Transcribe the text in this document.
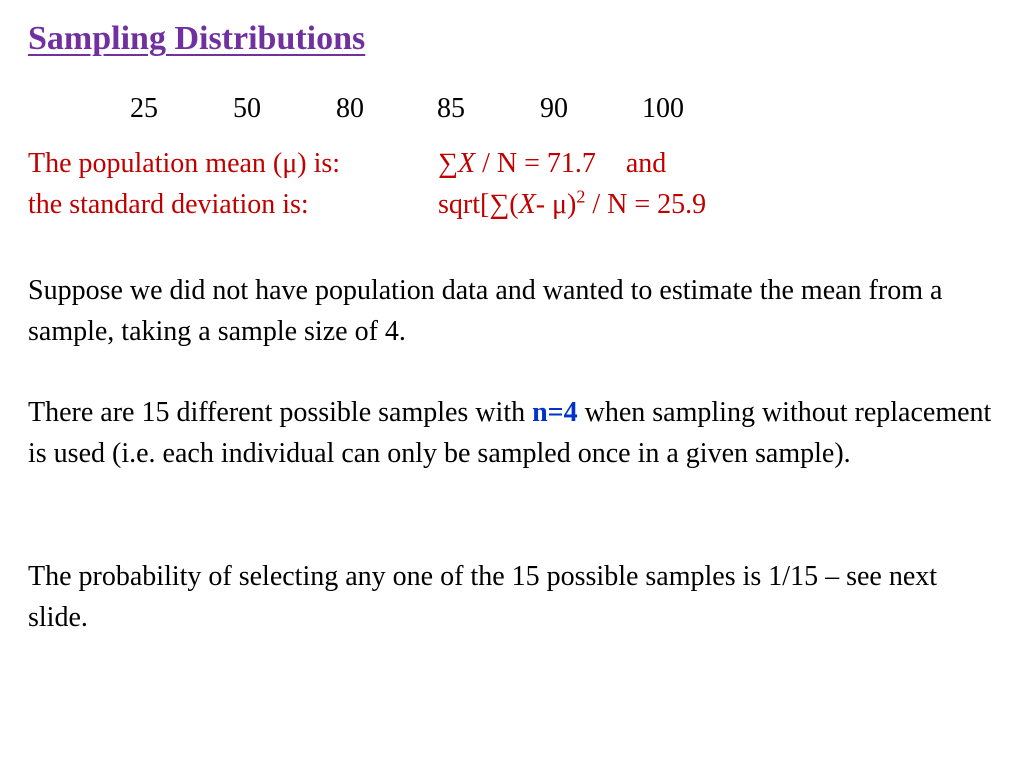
Sampling Distributions
25	50	80	85	90	100
The population mean (μ) is:	∑X / N = 71.7 and
the standard deviation is:	sqrt[∑(X- μ)$^2$ / N = 25.9

Suppose we did not have population data and wanted to estimate the mean from a sample, taking a sample size of 4.

There are 15 different possible samples with n=4 when sampling without replacement is used (i.e. each individual can only be sampled once in a given sample).

The probability of selecting any one of the 15 possible samples is 1/15 – see next slide.
